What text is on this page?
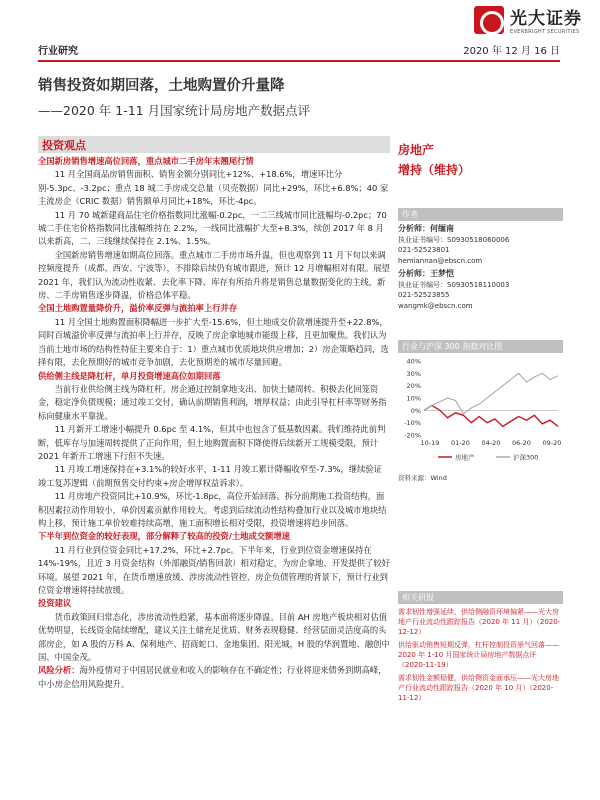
光大证券
EVERBRIGHT SECURITIES
行业研究	2020 年 12 月 16 日
销售投资如期回落，土地购置价升量降
——2020 年 1-11 月国家统计局房地产数据点评
投资观点

全国新房销售增速高位回落，重点城市二手房年末翘尾行情

11 月全国商品房销售面积、销售金额分别同比+12%、+18.6%，增速环比分别-5.3pc、-3.2pc；重点 18 城二手房成交总量（贝壳数据）同比+29%，环比+6.8%；40 家主流房企（CRIC 数据）销售额单月同比+18%，环比-4pc。

11 月 70 城新建商品住宅价格指数同比涨幅-0.2pc，一二三线城市同比涨幅均-0.2pc；70 城二手住宅价格指数同比涨幅维持在 2.2%，一线同比涨幅扩大至+8.3%，续创 2017 年 8 月以来新高，二、三线继续保持在 2.1%、1.5%。

全国新房销售增速如期高位回落。重点城市二手房市场升温，但也观察到 11 月下旬以来调控频度提升（成都、西安、宁波等），不排除后续仍有城市跟进，预计 12 月增幅相对有限。展望 2021 年，我们认为流动性收紧、去化率下降、库存有所抬升将是销售总量数据变化的主线，新房、二手房销售逐步降温，价格总体平稳。

全国土地购置量降价升，溢价率反弹与流拍率上行并存

11 月全国土地购置面积降幅进一步扩大至-15.6%，但土地成交价款增速提升至+22.8%，同时百城溢价率反弹与流拍率上行并存，反映了房企拿地城市能级上移，且更加聚焦。我们认为当前土地市场的结构性特征主要来自于：1）重点城市优质地块供应增加；2）房企策略趋同，选择有限，去化预期好的城市竞争加剧，去化预期差的城市尽量回避。

供给侧主线是降杠杆，单月投资增速高位如期回落

当前行业供给侧主线为降杠杆。房企通过控制拿地支出、加快土储周转、积极去化回笼资金，稳定净负债规模；通过竣工交付，确认前期销售利润，增厚权益；由此引导杠杆率等财务指标向健康水平靠拢。

11 月新开工增速小幅提升 0.6pc 至 4.1%，但其中也包含了低基数因素。我们维持此前判断，低库存与加速周转提供了正向作用，但土地购置面积下降使得后续新开工规模受限，预计 2021 年新开工增速下行但不失速。

11 月竣工增速保持在+3.1%的较好水平，1-11 月竣工累计降幅收窄至-7.3%，继续验证竣工复苏逻辑（前期预售交付约束+房企增厚权益诉求）。

11 月房地产投资同比+10.9%，环比-1.8pc，高位开始回落。拆分前期施工投资结构，面积因素拉动作用较小，单价因素贡献作用较大。考虑到后续流动性结构叠加行业以及城市地块结构上移，预计施工单价较难持续高增，施工面积增长相对受限，投资增速将趋步回落。

下半年到位资金的较好表现，部分解释了较高的投资/土地成交额增速

11 月行业到位资金同比+17.2%，环比+2.7pc。下半年来，行业到位资金增速保持在 14%-19%，且近 3 月资金结构（外部融资/销售回款）相对稳定，为房企拿地、开发提供了较好环境。展望 2021 年，在货币增速放缓、涉房流动性管控、房企负债管理的背景下，预计行业到位资金增速将持续放缓。

投资建议

货币政策回归常态化，涉房流动性趋紧，基本面将逐步降温。目前 AH 房地产板块相对估值优势明显，长线资金陆续增配，建议关注土储充足优质、财务表现稳健、经营层面灵活度高的头部房企，如 A 股的万科 A、保利地产、招商蛇口、金地集团、阳光城，H 股的华润置地、融创中国、中国金茂。

风险分析：海外疫情对于中国居民就业和收入的影响存在不确定性；行业将迎来债务到期高峰，中小房企信用风险提升。

房地产
增持（维持）
作者
分析师：何缅南
执业证书编号：S0930518060006
021-52523801
hemiannan@ebscn.com
分析师：王梦恺
执业证书编号：S0930518110003
021-52523855
wangmk@ebscn.com
行业与沪深 300 指数对比图
40%
30%
20%
10%
0%
-10%
-20%
10-19 01-20 04-20 06-20 09-20
房地产	沪深300
资料来源：Wind
相关研报
需求韧性增强延续，供给侧融资环境偏紧——光大房地产行业流动性跟踪报告（2020 年 11 月）（2020-12-12）
供给驱动销售短期反弹，杠杆控制投资景气回落——2020 年 1-10 月国家统计局房地产数据点评（2020-11-19）
需求韧性金额稳健，供给侧资金面承压——光大房地产行业流动性跟踪报告（2020 年 10 月）（2020-11-12）
